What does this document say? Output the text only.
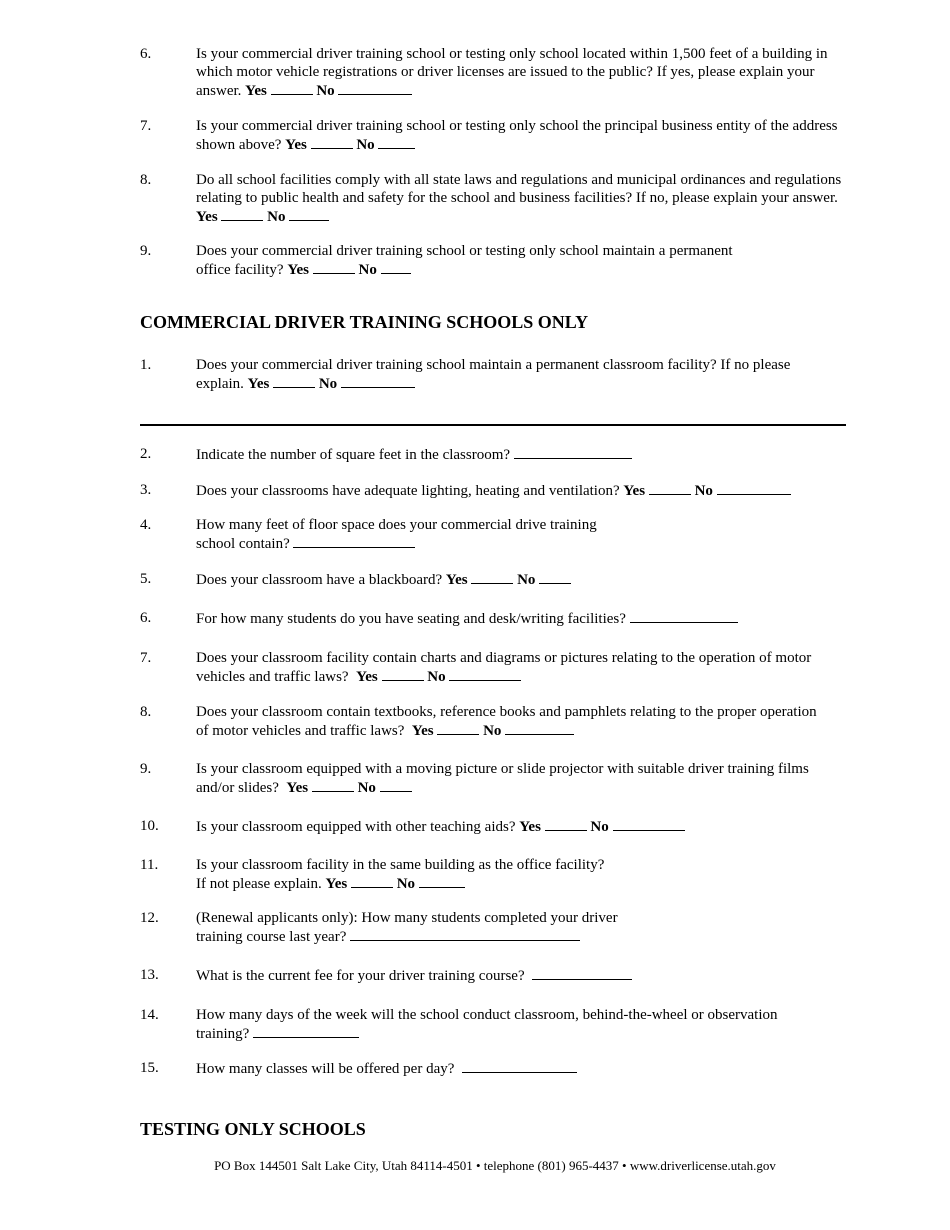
6.	Is your commercial driver training school or testing only school located within 1,500 feet of a building in which motor vehicle registrations or driver licenses are issued to the public? If yes, please explain your answer. Yes	No
7.	Is your commercial driver training school or testing only school the principal business entity of the address shown above? Yes	No
8.	Do all school facilities comply with all state laws and regulations and municipal ordinances and regulations relating to public health and safety for the school and business facilities? If no, please explain your answer. Yes	No
9.	Does your commercial driver training school or testing only school maintain a permanent
office facility? Yes	No
COMMERCIAL DRIVER TRAINING SCHOOLS ONLY
1.	Does your commercial driver training school maintain a permanent classroom facility? If no please
explain. Yes	No
2.	Indicate the number of square feet in the classroom?
3.	Does your classrooms have adequate lighting, heating and ventilation? Yes	No
4.	How many feet of floor space does your commercial drive training
school contain?
5.	Does your classroom have a blackboard? Yes	No
6.	For how many students do you have seating and desk/writing facilities?
7.	Does your classroom facility contain charts and diagrams or pictures relating to the operation of motor
vehicles and traffic laws? Yes	No
8.	Does your classroom contain textbooks, reference books and pamphlets relating to the proper operation
of motor vehicles and traffic laws? Yes	No
9.	Is your classroom equipped with a moving picture or slide projector with suitable driver training films
and/or slides? Yes	No
10. Is your classroom equipped with other teaching aids? Yes	No
11.	Is your classroom facility in the same building as the office facility?
If not please explain. Yes	No
12. (Renewal applicants only): How many students completed your driver
training course last year?
13. What is the current fee for your driver training course?
14. How many days of the week will the school conduct classroom, behind-the-wheel or observation
training?
15. How many classes will be offered per day?
TESTING ONLY SCHOOLS
PO Box 144501 Salt Lake City, Utah 84114-4501 • telephone (801) 965-4437 • www.driverlicense.utah.gov
